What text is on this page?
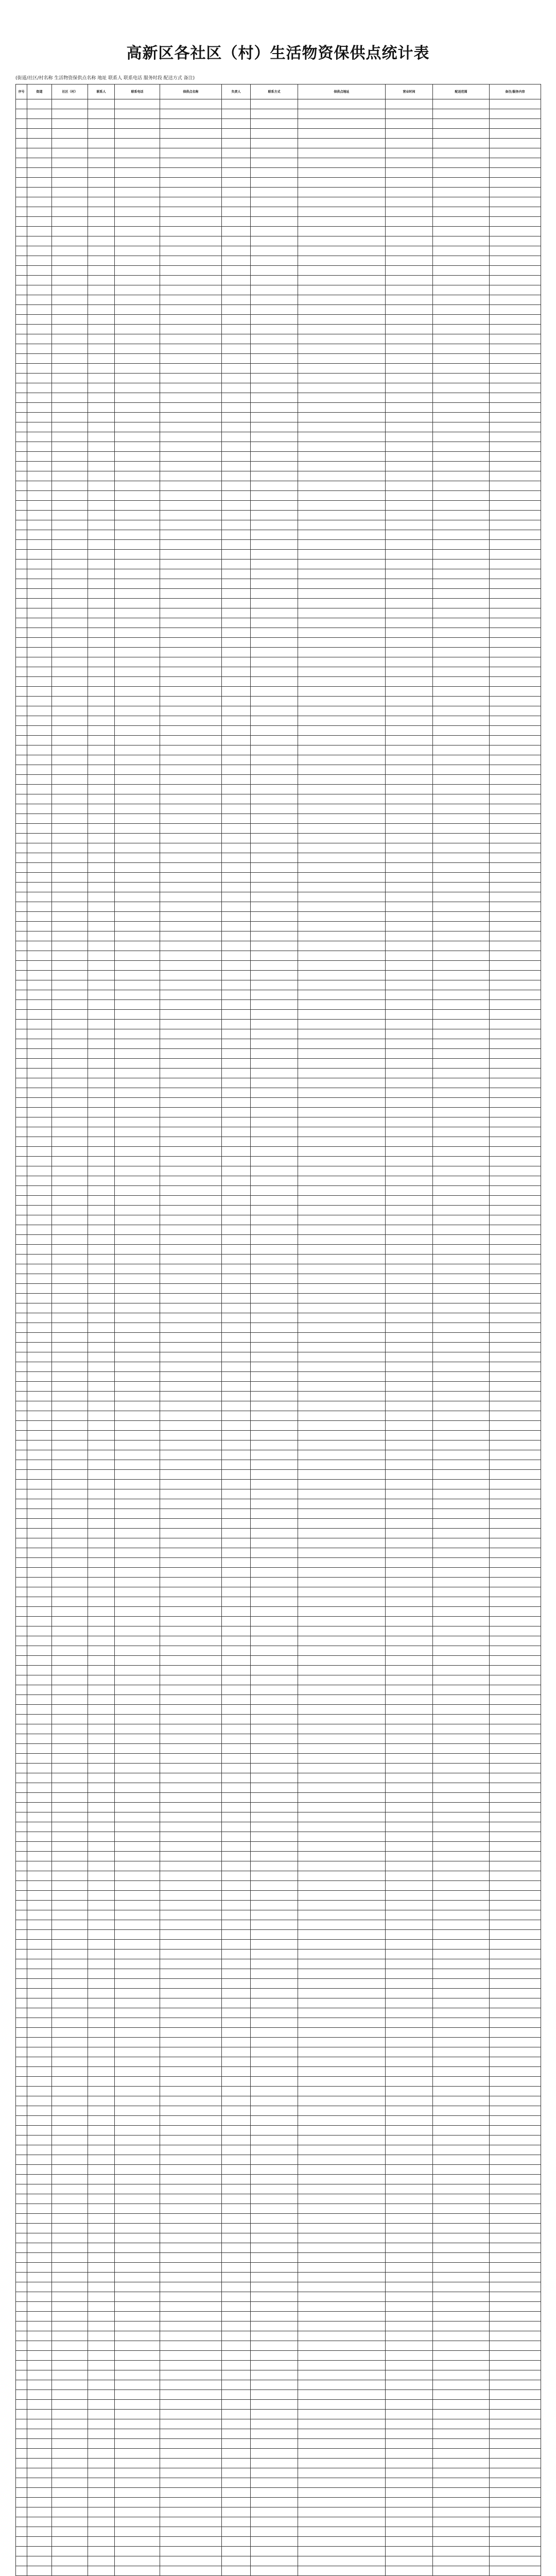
高新区各社区（村）生活物资保供点统计表
(街道/社区/村名称 生活物资保供点名称 地址 联系人 联系电话 服务时段 配送方式 备注)
序号	街道	社区（村）	联系人	联系电话	保供点名称	负责人	联系方式	保供点地址	营业时间	配送范围	备注/服务内容
